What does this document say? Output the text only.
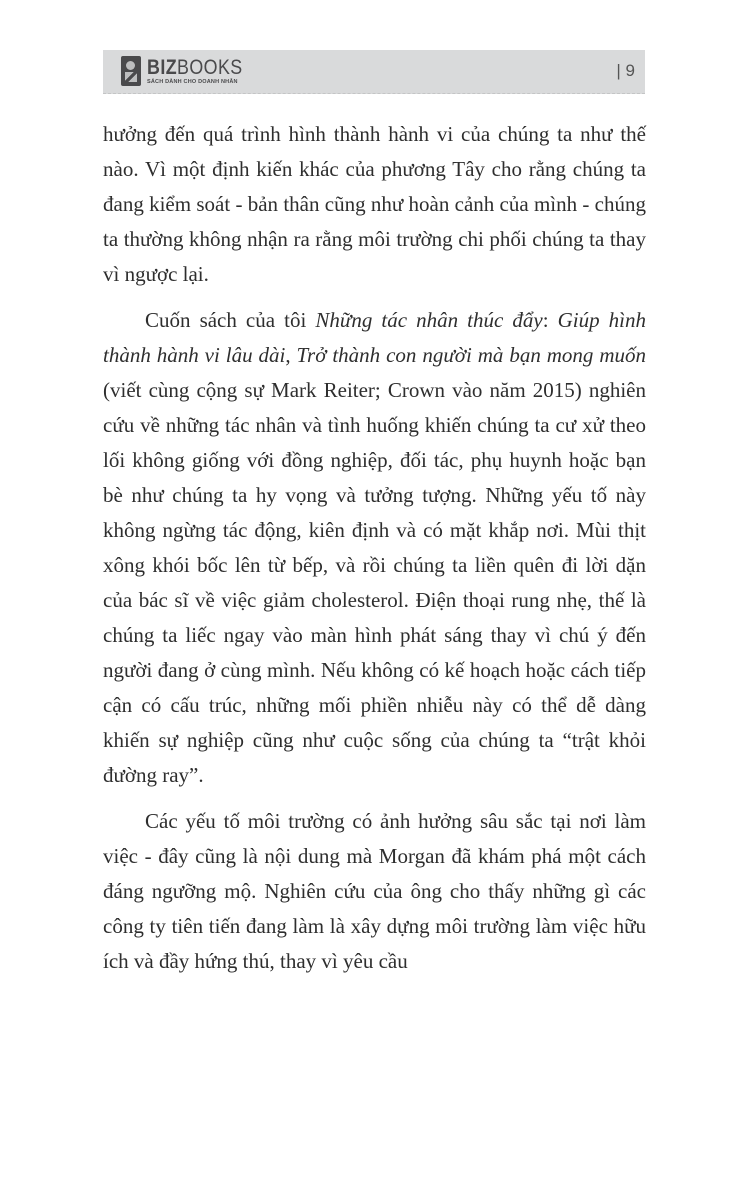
BIZBOOKS
SÁCH DÀNH CHO DOANH NHÂN
| 9

hưởng đến quá trình hình thành hành vi của chúng ta như thế nào. Vì một định kiến khác của phương Tây cho rằng chúng ta đang kiểm soát - bản thân cũng như hoàn cảnh của mình - chúng ta thường không nhận ra rằng môi trường chi phối chúng ta thay vì ngược lại.

Cuốn sách của tôi Những tác nhân thúc đẩy: Giúp hình thành hành vi lâu dài, Trở thành con người mà bạn mong muốn (viết cùng cộng sự Mark Reiter; Crown vào năm 2015) nghiên cứu về những tác nhân và tình huống khiến chúng ta cư xử theo lối không giống với đồng nghiệp, đối tác, phụ huynh hoặc bạn bè như chúng ta hy vọng và tưởng tượng. Những yếu tố này không ngừng tác động, kiên định và có mặt khắp nơi. Mùi thịt xông khói bốc lên từ bếp, và rồi chúng ta liền quên đi lời dặn của bác sĩ về việc giảm cholesterol. Điện thoại rung nhẹ, thế là chúng ta liếc ngay vào màn hình phát sáng thay vì chú ý đến người đang ở cùng mình. Nếu không có kế hoạch hoặc cách tiếp cận có cấu trúc, những mối phiền nhiễu này có thể dễ dàng khiến sự nghiệp cũng như cuộc sống của chúng ta “trật khỏi đường ray”.

Các yếu tố môi trường có ảnh hưởng sâu sắc tại nơi làm việc - đây cũng là nội dung mà Morgan đã khám phá một cách đáng ngưỡng mộ. Nghiên cứu của ông cho thấy những gì các công ty tiên tiến đang làm là xây dựng môi trường làm việc hữu ích và đầy hứng thú, thay vì yêu cầu
